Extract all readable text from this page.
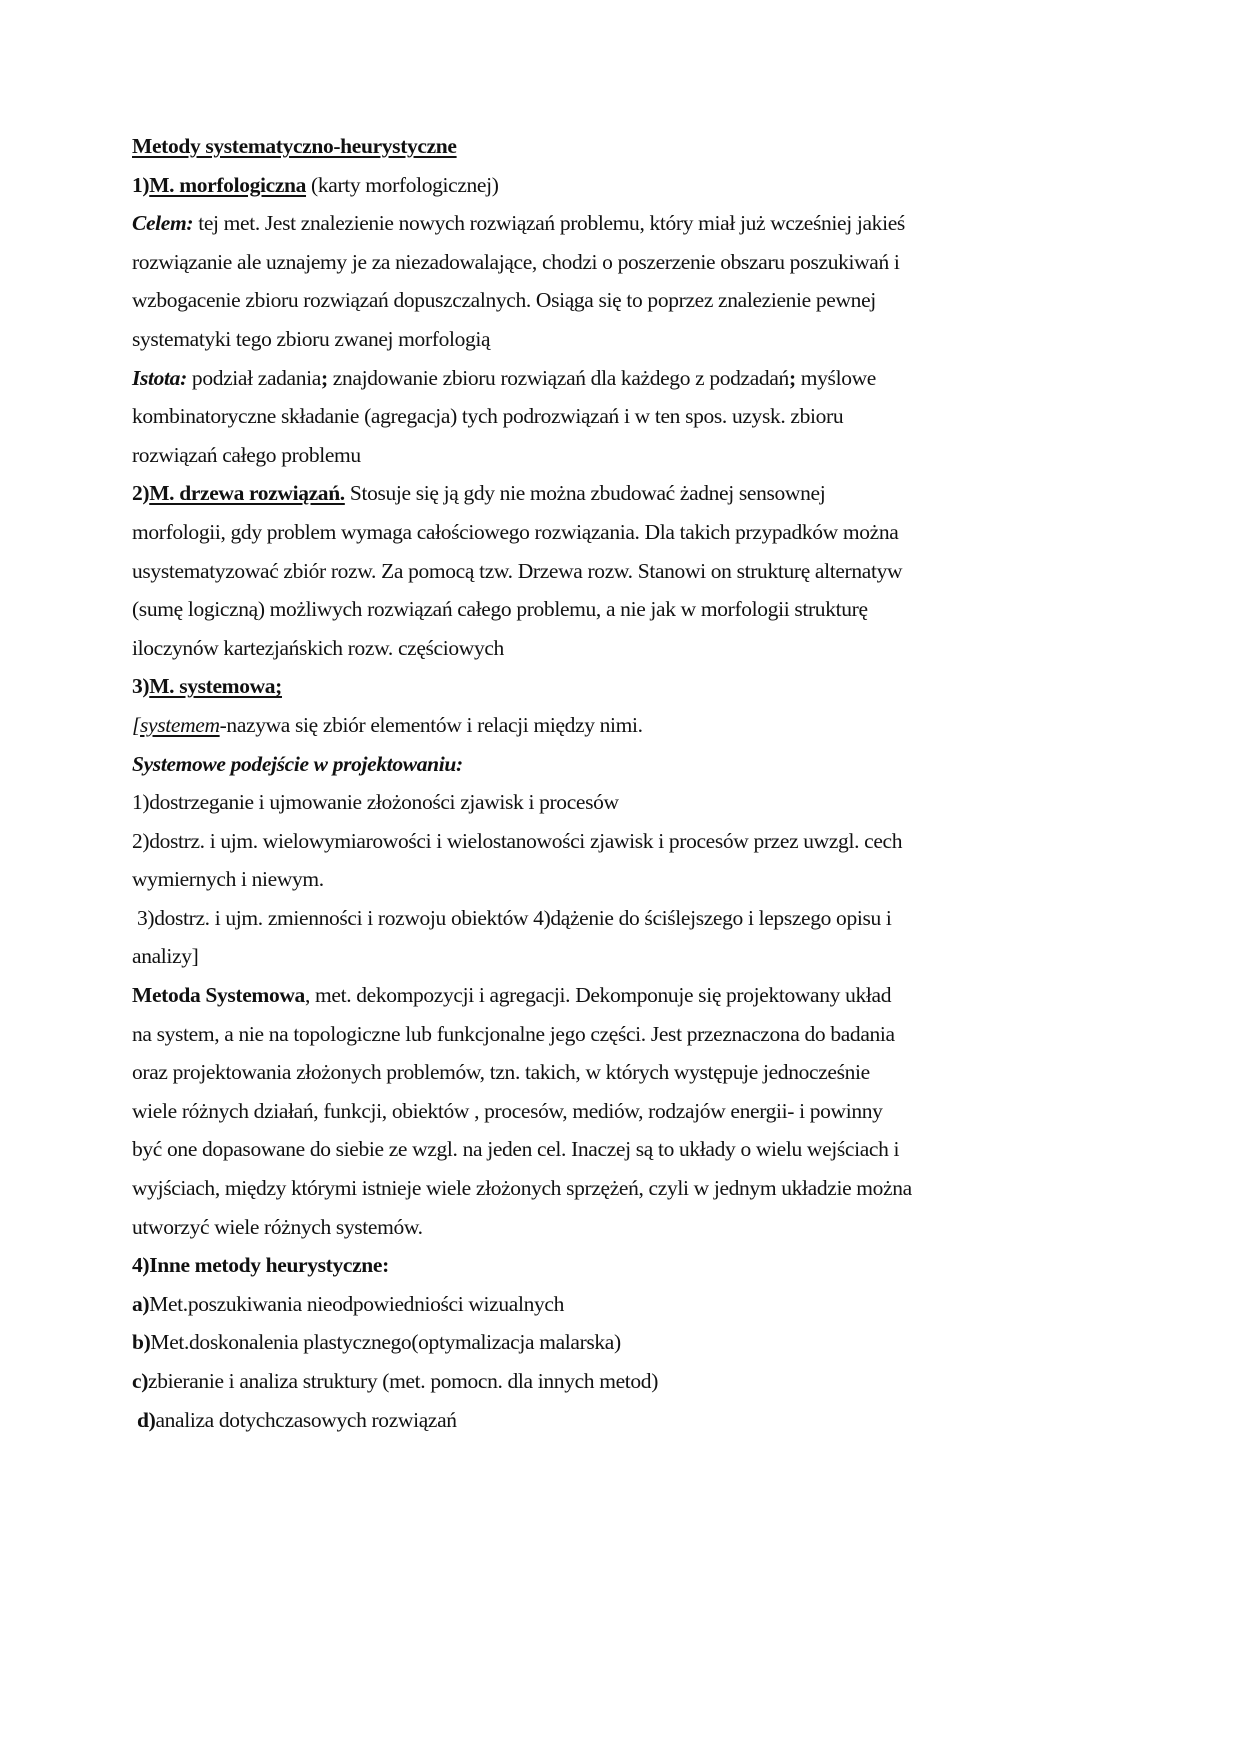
Metody systematyczno-heurystyczne
1)M. morfologiczna (karty morfologicznej)
Celem: tej met. Jest znalezienie nowych rozwiązań problemu, który miał już wcześniej jakieś
rozwiązanie ale uznajemy je za niezadowalające, chodzi o poszerzenie obszaru poszukiwań i
wzbogacenie zbioru rozwiązań dopuszczalnych. Osiąga się to poprzez znalezienie pewnej
systematyki tego zbioru zwanej morfologią
Istota: podział zadania; znajdowanie zbioru rozwiązań dla każdego z podzadań; myślowe
kombinatoryczne składanie (agregacja) tych podrozwiązań i w ten spos. uzysk. zbioru
rozwiązań całego problemu
2)M. drzewa rozwiązań. Stosuje się ją gdy nie można zbudować żadnej sensownej
morfologii, gdy problem wymaga całościowego rozwiązania. Dla takich przypadków można
usystematyzować zbiór rozw. Za pomocą tzw. Drzewa rozw. Stanowi on strukturę alternatyw
(sumę logiczną) możliwych rozwiązań całego problemu, a nie jak w morfologii strukturę
iloczynów kartezjańskich rozw. częściowych
3)M. systemowa;
[systemem-nazywa się zbiór elementów i relacji między nimi.
Systemowe podejście w projektowaniu:
1)dostrzeganie i ujmowanie złożoności zjawisk i procesów
2)dostrz. i ujm. wielowymiarowości i wielostanowości zjawisk i procesów przez uwzgl. cech
wymiernych i niewym.
3)dostrz. i ujm. zmienności i rozwoju obiektów 4)dążenie do ściślejszego i lepszego opisu i
analizy]
Metoda Systemowa, met. dekompozycji i agregacji. Dekomponuje się projektowany układ
na system, a nie na topologiczne lub funkcjonalne jego części. Jest przeznaczona do badania
oraz projektowania złożonych problemów, tzn. takich, w których występuje jednocześnie
wiele różnych działań, funkcji, obiektów , procesów, mediów, rodzajów energii- i powinny
być one dopasowane do siebie ze wzgl. na jeden cel. Inaczej są to układy o wielu wejściach i
wyjściach, między którymi istnieje wiele złożonych sprzężeń, czyli w jednym układzie można
utworzyć wiele różnych systemów.
4)Inne metody heurystyczne:
a)Met.poszukiwania nieodpowiedniości wizualnych
b)Met.doskonalenia plastycznego(optymalizacja malarska)
c)zbieranie i analiza struktury (met. pomocn. dla innych metod)
d)analiza dotychczasowych rozwiązań
